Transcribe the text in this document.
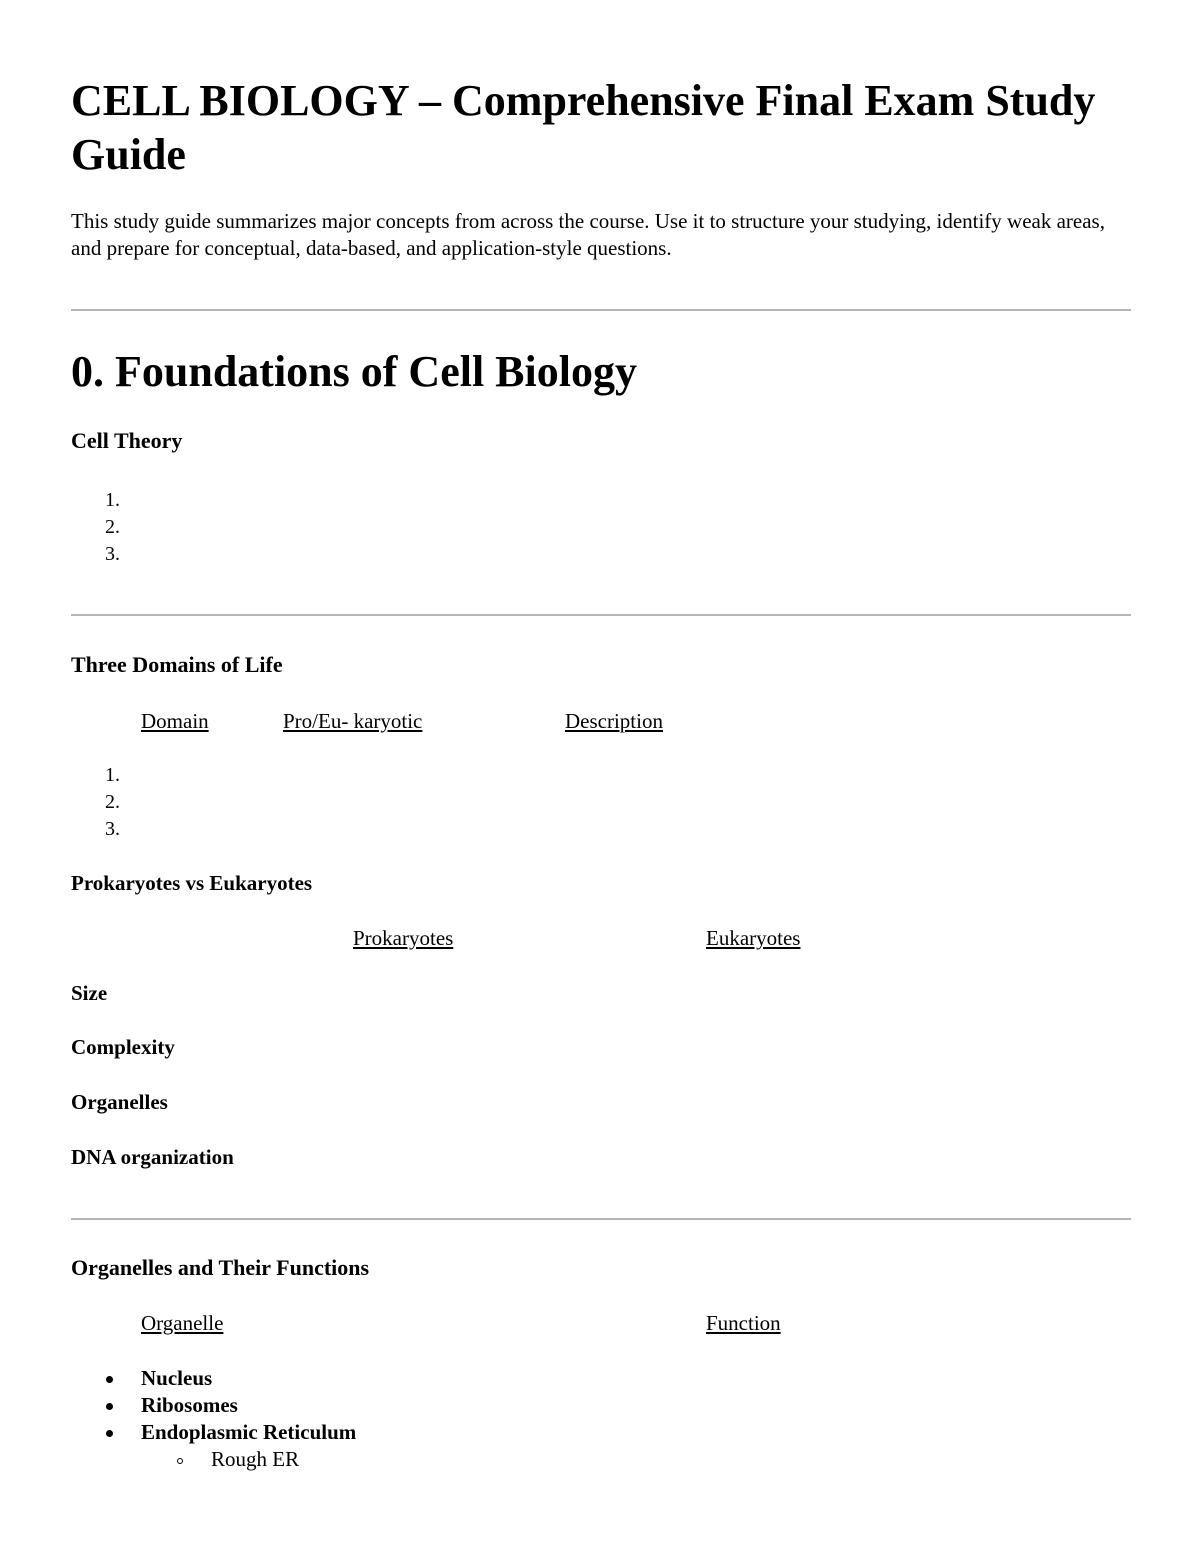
CELL BIOLOGY – Comprehensive Final Exam Study Guide

This study guide summarizes major concepts from across the course. Use it to structure your studying, identify weak areas, and prepare for conceptual, data-based, and application-style questions.

0. Foundations of Cell Biology
Cell Theory
1.
2.
3.
Three Domains of Life
Domain	Pro/Eu- karyotic	Description
1.
2.
3.
Prokaryotes vs Eukaryotes
Prokaryotes	Eukaryotes
Size
Complexity
Organelles
DNA organization
Organelles and Their Functions
Organelle	Function
Nucleus
Ribosomes
Endoplasmic Reticulum
Rough ER
